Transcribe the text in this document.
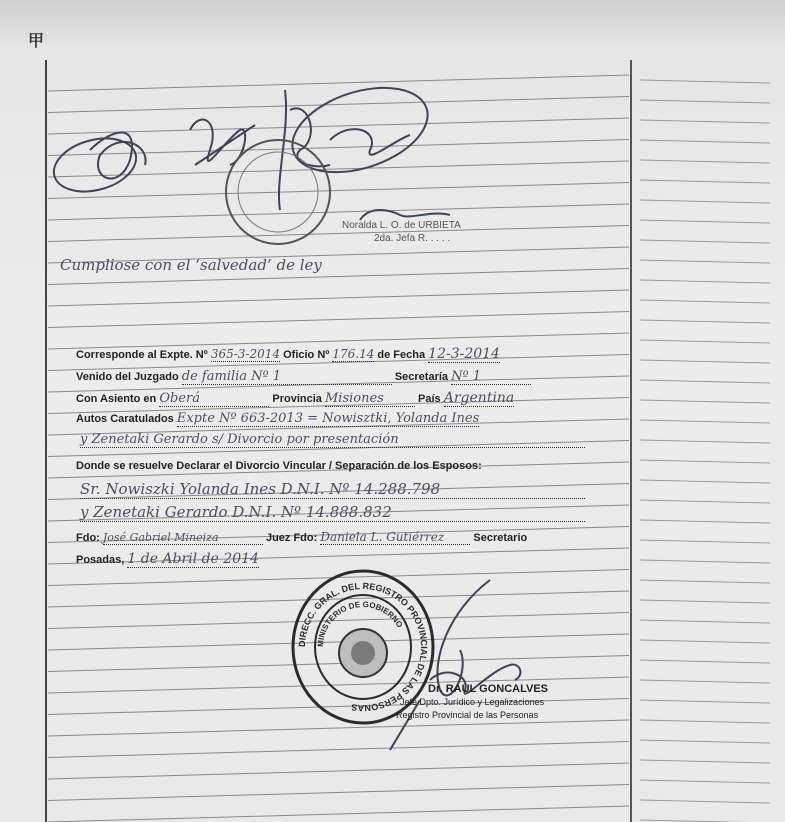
甲
Noralda L. O. de URBIETA
2da. Jefa R. . . . .
Cumpliose con el ‘salvedad’ de ley
Corresponde al Expte. Nº 365-3-2014 Oficio Nº 176.14 de Fecha 12-3-2014
Venido del Juzgado de familia Nº 1	Secretaría Nº 1
Con Asiento en Oberá	Provincia Misiones	País Argentina
Autos Caratulados Expte Nº 663-2013 = Nowisztki, Yolanda Ines
y Zenetaki Gerardo s/ Divorcio por presentación
Donde se resuelve Declarar el Divorcio Vincular / Separación de los Esposos:
Sr. Nowiszki Yolanda Ines D.N.I. Nº 14.288.798
y Zenetaki Gerardo D.N.I. Nº 14.888.832
Fdo: José Gabriel Mineiza	Juez Fdo: Daniela L. Gutiérrez	Secretario
Posadas, 1 de Abril de 2014
DIRECC. GRAL. DEL REGISTRO PROVINCIAL DE LAS PERSONAS
MINISTERIO DE GOBIERNO
Dr. RAUL GONCALVES
Jefe Dpto. Jurídico y Legalizaciones
Registro Provincial de las Personas
